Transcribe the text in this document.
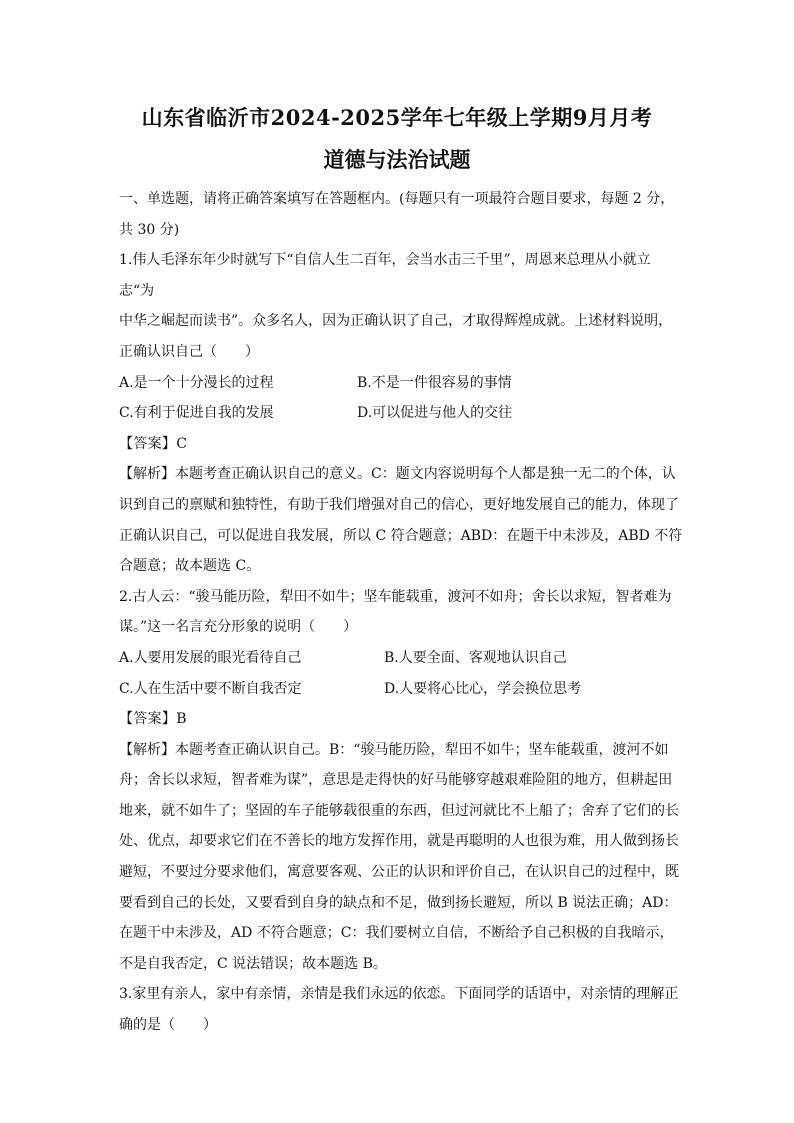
山东省临沂市2024-2025学年七年级上学期9月月考
道德与法治试题

一、单选题，请将正确答案填写在答题框内。(每题只有一项最符合题目要求，每题 2 分，

共 30 分)

1.伟人毛泽东年少时就写下“自信人生二百年，会当水击三千里”，周恩来总理从小就立志“为

中华之崛起而读书”。众多名人，因为正确认识了自己，才取得辉煌成就。上述材料说明，

正确认识自己（　　）

A.是一个十分漫长的过程	B.不是一件很容易的事情
C.有利于促进自我的发展	D.可以促进与他人的交往

【答案】C

【解析】本题考查正确认识自己的意义。C：题文内容说明每个人都是独一无二的个体，认

识到自己的禀赋和独特性，有助于我们增强对自己的信心，更好地发展自己的能力，体现了

正确认识自己，可以促进自我发展，所以 C 符合题意；ABD：在题干中未涉及，ABD 不符

合题意；故本题选 C。

2.古人云：“骏马能历险，犁田不如牛；坚车能载重，渡河不如舟；舍长以求短，智者难为

谋。”这一名言充分形象的说明（　　）

A.人要用发展的眼光看待自己	B.人要全面、客观地认识自己
C.人在生活中要不断自我否定	D.人要将心比心，学会换位思考

【答案】B

【解析】本题考查正确认识自己。B：“骏马能历险，犁田不如牛；坚车能载重，渡河不如

舟；舍长以求短，智者难为谋”，意思是走得快的好马能够穿越艰难险阻的地方，但耕起田

地来，就不如牛了；坚固的车子能够载很重的东西，但过河就比不上船了；舍弃了它们的长

处、优点，却要求它们在不善长的地方发挥作用，就是再聪明的人也很为难，用人做到扬长

避短，不要过分要求他们，寓意要客观、公正的认识和评价自己，在认识自己的过程中，既

要看到自己的长处，又要看到自身的缺点和不足，做到扬长避短，所以 B 说法正确；AD：

在题干中未涉及，AD 不符合题意；C：我们要树立自信，不断给予自己积极的自我暗示，

不是自我否定，C 说法错误；故本题选 B。

3.家里有亲人，家中有亲情，亲情是我们永远的依恋。下面同学的话语中，对亲情的理解正

确的是（　　）
